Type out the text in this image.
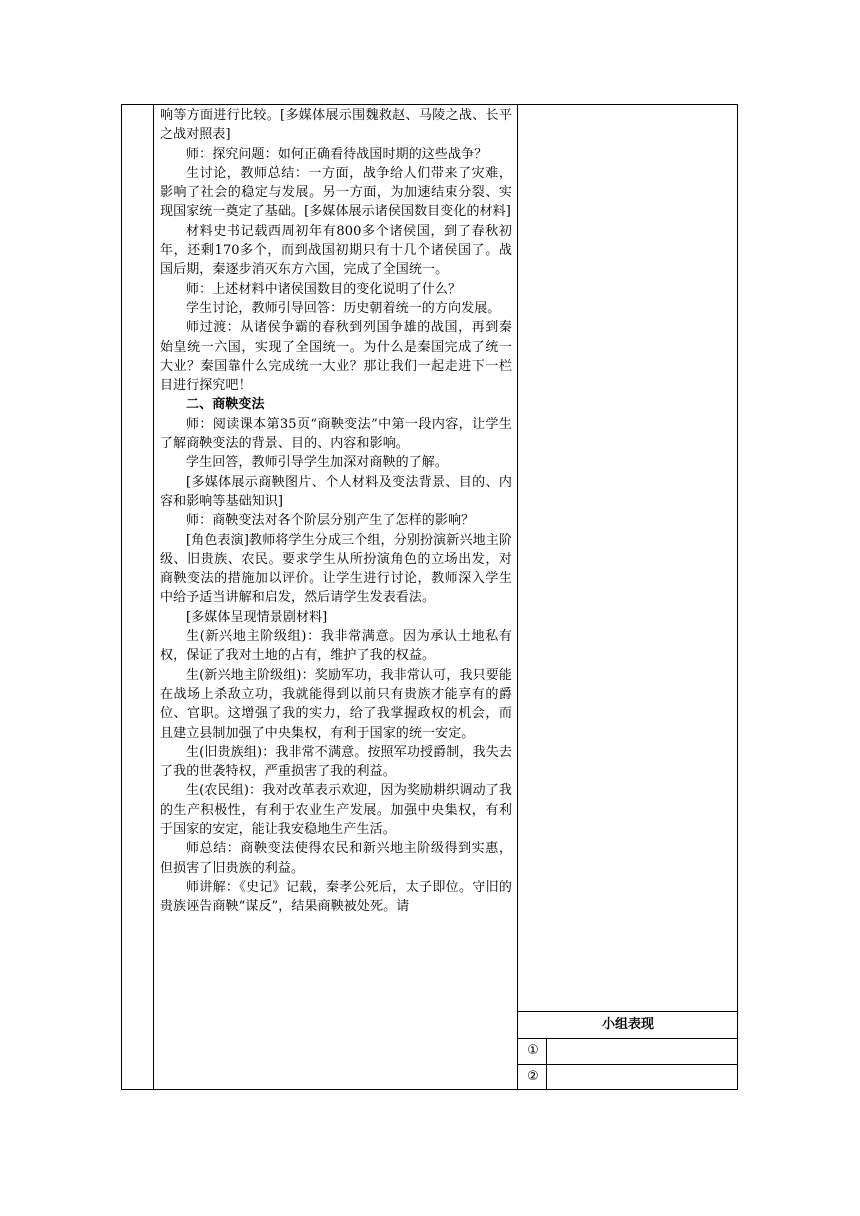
小组表现
①
②

响等方面进行比较。[多媒体展示围魏救赵、马陵之战、长平之战对照表]

师：探究问题：如何正确看待战国时期的这些战争？

生讨论，教师总结：一方面，战争给人们带来了灾难，影响了社会的稳定与发展。另一方面，为加速结束分裂、实现国家统一奠定了基础。[多媒体展示诸侯国数目变化的材料]

材料史书记载西周初年有800多个诸侯国，到了春秋初年，还剩170多个，而到战国初期只有十几个诸侯国了。战国后期，秦逐步消灭东方六国，完成了全国统一。

师：上述材料中诸侯国数目的变化说明了什么？

学生讨论，教师引导回答：历史朝着统一的方向发展。

师过渡：从诸侯争霸的春秋到列国争雄的战国，再到秦始皇统一六国，实现了全国统一。为什么是秦国完成了统一大业？秦国靠什么完成统一大业？那让我们一起走进下一栏目进行探究吧！

二、商鞅变法

师：阅读课本第35页“商鞅变法”中第一段内容，让学生了解商鞅变法的背景、目的、内容和影响。

学生回答，教师引导学生加深对商鞅的了解。

[多媒体展示商鞅图片、个人材料及变法背景、目的、内容和影响等基础知识]

师：商鞅变法对各个阶层分别产生了怎样的影响？

[角色表演]教师将学生分成三个组，分别扮演新兴地主阶级、旧贵族、农民。要求学生从所扮演角色的立场出发，对商鞅变法的措施加以评价。让学生进行讨论，教师深入学生中给予适当讲解和启发，然后请学生发表看法。

[多媒体呈现情景剧材料]

生(新兴地主阶级组)：我非常满意。因为承认土地私有权，保证了我对土地的占有，维护了我的权益。

生(新兴地主阶级组)：奖励军功，我非常认可，我只要能在战场上杀敌立功，我就能得到以前只有贵族才能享有的爵位、官职。这增强了我的实力，给了我掌握政权的机会，而且建立县制加强了中央集权，有利于国家的统一安定。

生(旧贵族组)：我非常不满意。按照军功授爵制，我失去了我的世袭特权，严重损害了我的利益。

生(农民组)：我对改革表示欢迎，因为奖励耕织调动了我的生产积极性，有利于农业生产发展。加强中央集权，有利于国家的安定，能让我安稳地生产生活。

师总结：商鞅变法使得农民和新兴地主阶级得到实惠，但损害了旧贵族的利益。

师讲解：《史记》记载，秦孝公死后，太子即位。守旧的贵族诬告商鞅“谋反”，结果商鞅被处死。请
